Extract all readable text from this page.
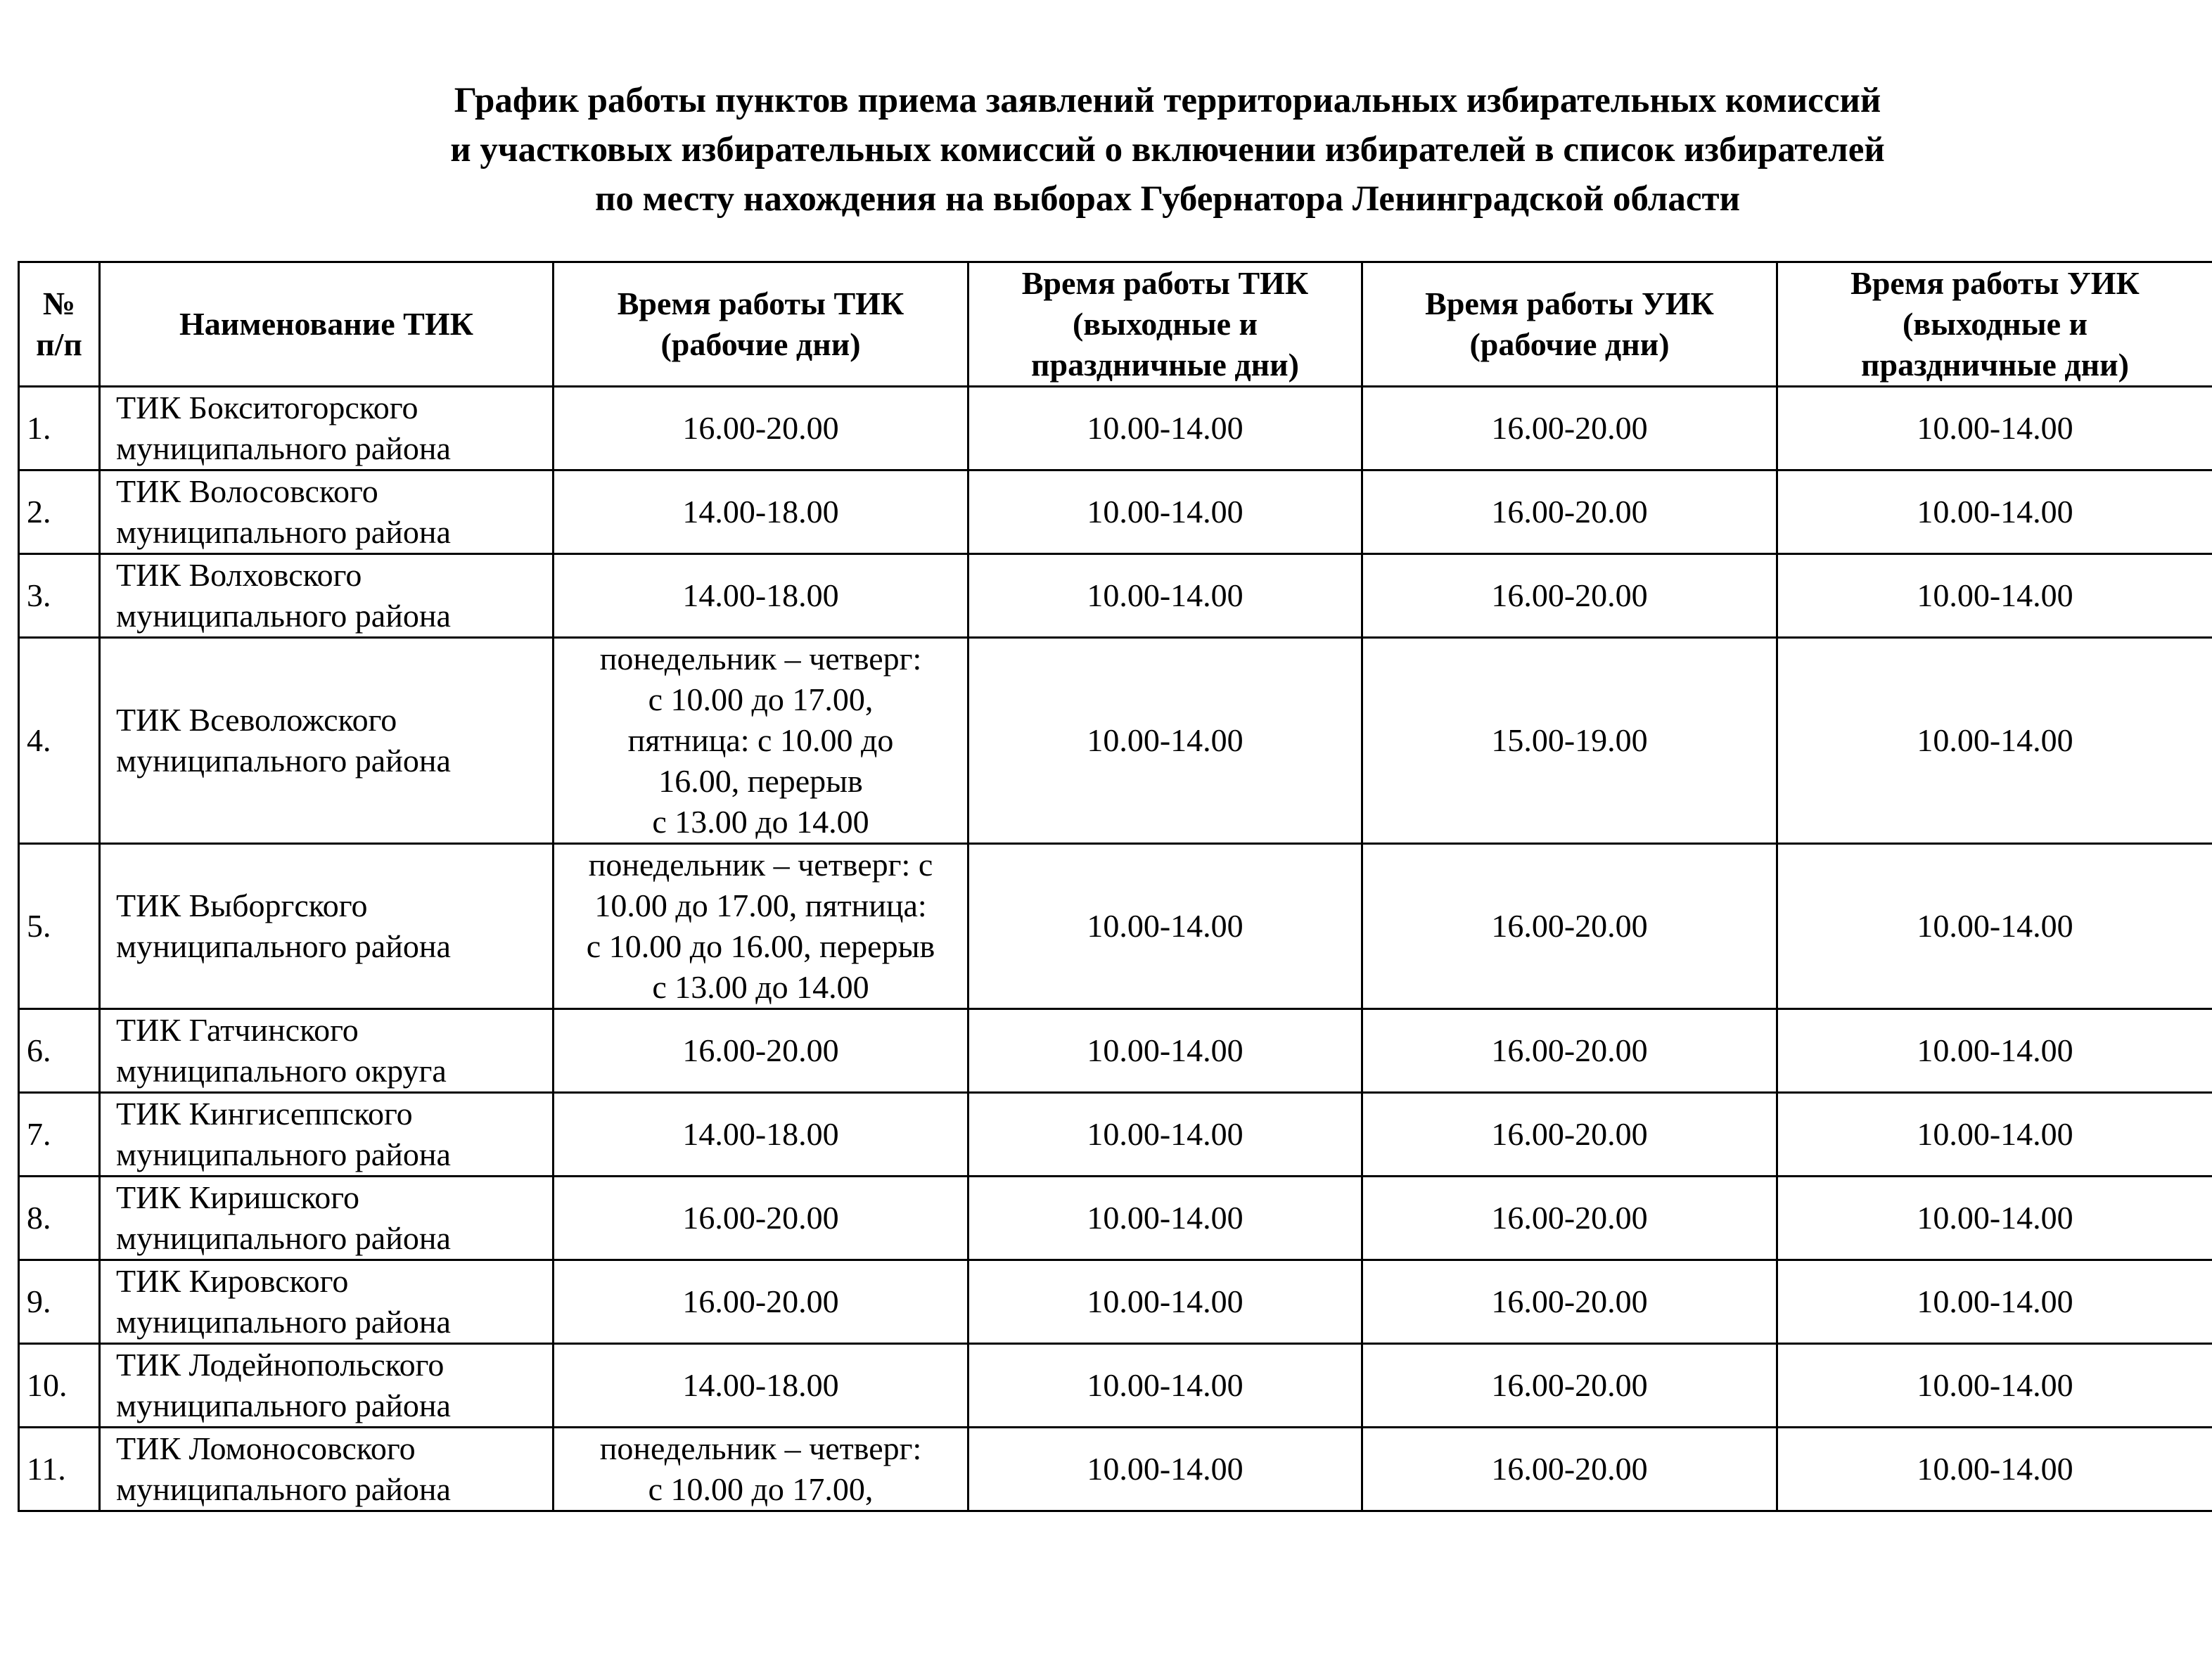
График работы пунктов приема заявлений территориальных избирательных комиссий
и участковых избирательных комиссий о включении избирателей в список избирателей
по месту нахождения на выборах Губернатора Ленинградской области
№
п/п	Наименование ТИК	Время работы ТИК
(рабочие дни)	Время работы ТИК
(выходные и
праздничные дни)	Время работы УИК
(рабочие дни)	Время работы УИК
(выходные и
праздничные дни)
1.	ТИК Бокситогорского
муниципального района	16.00-20.00	10.00-14.00	16.00-20.00	10.00-14.00
2.	ТИК Волосовского
муниципального района	14.00-18.00	10.00-14.00	16.00-20.00	10.00-14.00
3.	ТИК Волховского
муниципального района	14.00-18.00	10.00-14.00	16.00-20.00	10.00-14.00
4.	ТИК Всеволожского
муниципального района	понедельник – четверг:
с 10.00 до 17.00,
пятница: с 10.00 до
16.00, перерыв
с 13.00 до 14.00	10.00-14.00	15.00-19.00	10.00-14.00
5.	ТИК Выборгского
муниципального района	понедельник – четверг: с
10.00 до 17.00, пятница:
с 10.00 до 16.00, перерыв
с 13.00 до 14.00	10.00-14.00	16.00-20.00	10.00-14.00
6.	ТИК Гатчинского
муниципального округа	16.00-20.00	10.00-14.00	16.00-20.00	10.00-14.00
7.	ТИК Кингисеппского
муниципального района	14.00-18.00	10.00-14.00	16.00-20.00	10.00-14.00
8.	ТИК Киришского
муниципального района	16.00-20.00	10.00-14.00	16.00-20.00	10.00-14.00
9.	ТИК Кировского
муниципального района	16.00-20.00	10.00-14.00	16.00-20.00	10.00-14.00
10.	ТИК Лодейнопольского
муниципального района	14.00-18.00	10.00-14.00	16.00-20.00	10.00-14.00
11.	ТИК Ломоносовского
муниципального района	понедельник – четверг:
с 10.00 до 17.00,	10.00-14.00	16.00-20.00	10.00-14.00
